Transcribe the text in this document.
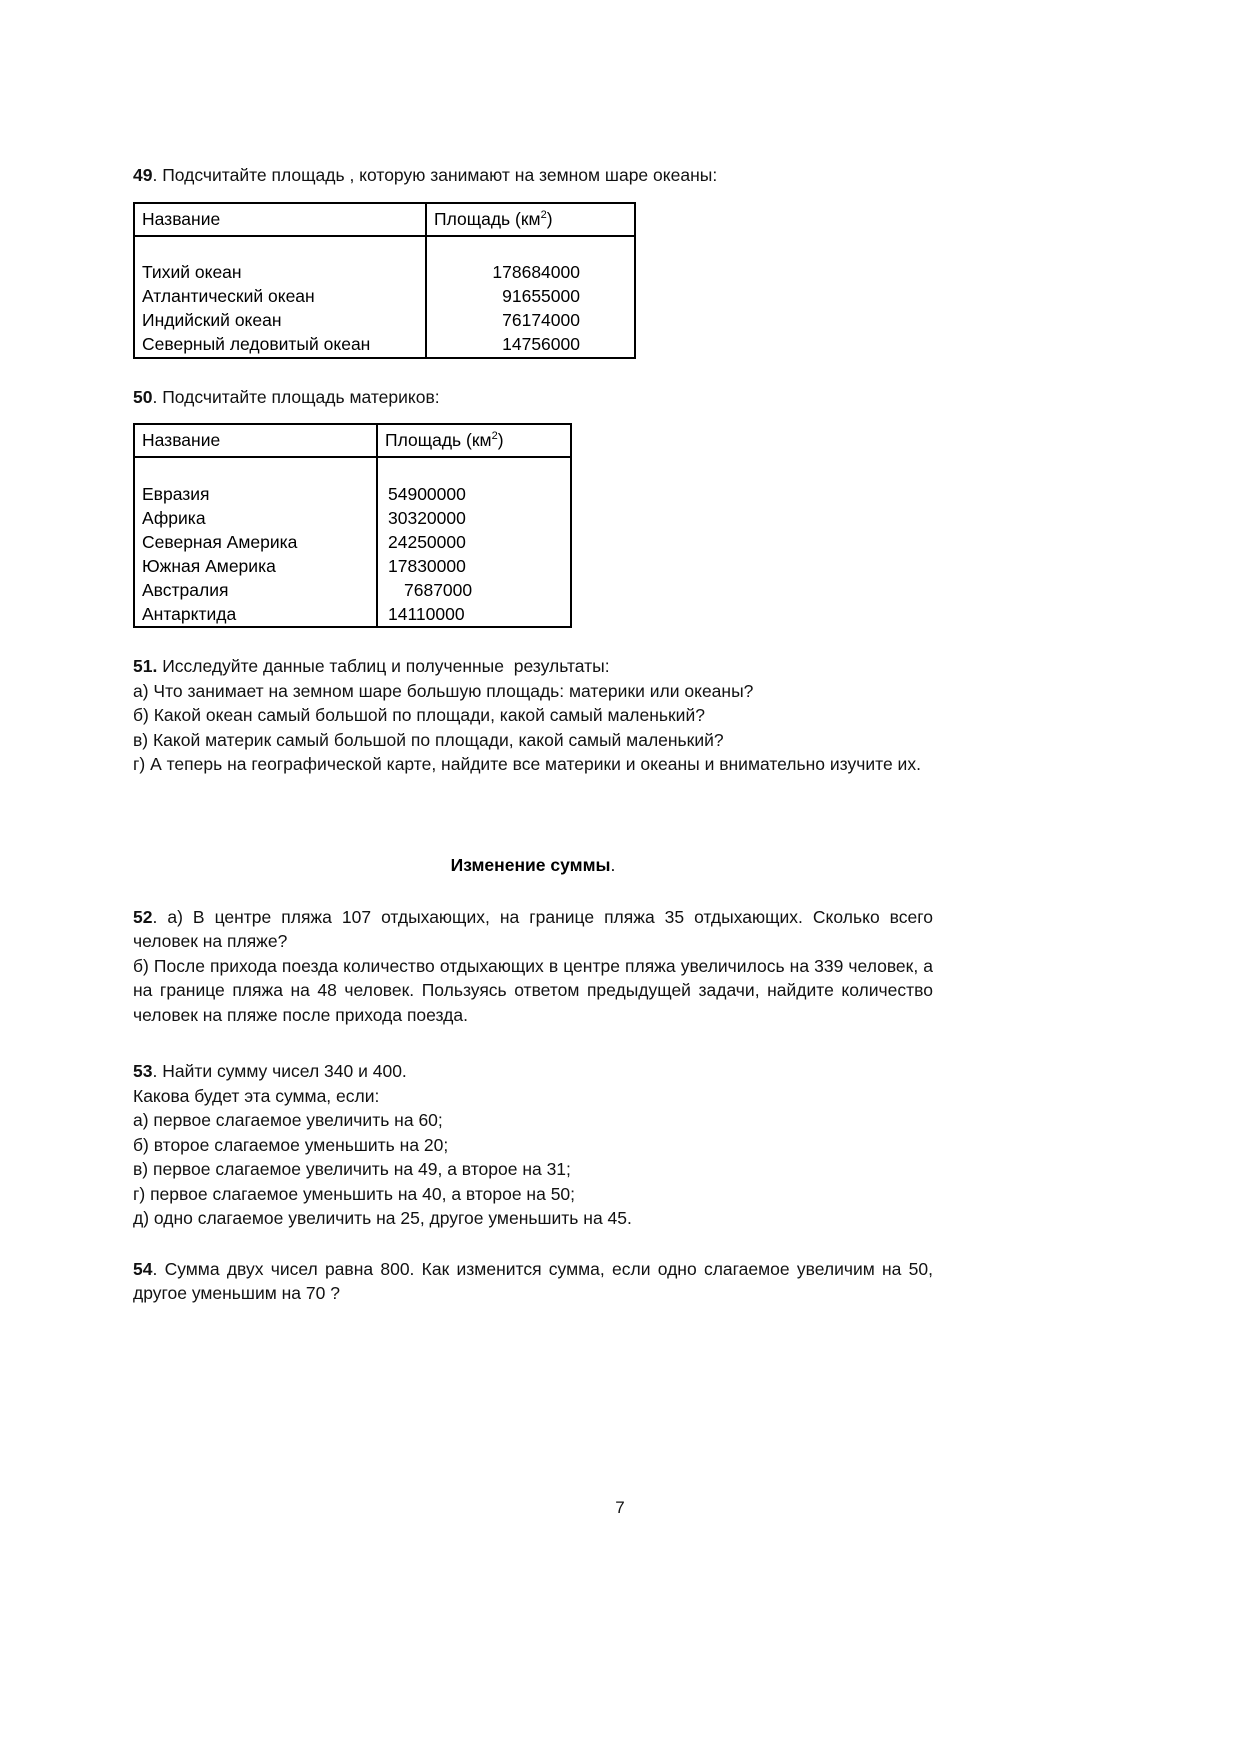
49. Подсчитайте площадь , которую занимают на земном шаре океаны:
Название	Площадь $(км^2)$

Тихий океан	178684000
Атлантический океан	91655000
Индийский океан	76174000
Северный ледовитый океан	14756000
50. Подсчитайте площадь материков:
Название	Площадь $(км^2)$

Евразия	54900000
Африка	30320000
Северная Америка	24250000
Южная Америка	17830000
Австралия	7687000
Антарктида	14110000
51. Исследуйте данные таблиц и полученные  результаты:
а) Что занимает на земном шаре большую площадь: материки или океаны?
б) Какой океан самый большой по площади, какой самый маленький?
в) Какой материк самый большой по площади, какой самый маленький?
г) А теперь на географической карте, найдите все материки и океаны и внимательно изучите их.
Изменение суммы.
52. а) В центре пляжа 107 отдыхающих, на границе пляжа 35 отдыхающих. Сколько всего человек на пляже?
б) После прихода поезда количество отдыхающих в центре пляжа увеличилось на 339 человек, а на границе пляжа на 48 человек. Пользуясь ответом предыдущей задачи, найдите количество человек на пляже после прихода поезда.
53. Найти сумму чисел 340 и 400.
Какова будет эта сумма, если:
а) первое слагаемое увеличить на 60;
б) второе слагаемое уменьшить на 20;
в) первое слагаемое увеличить на 49, а второе на 31;
г) первое слагаемое уменьшить на 40, а второе на 50;
д) одно слагаемое увеличить на 25, другое уменьшить на 45.
54. Сумма двух чисел равна 800. Как изменится сумма, если одно слагаемое увеличим на 50, другое уменьшим на 70 ?
7
